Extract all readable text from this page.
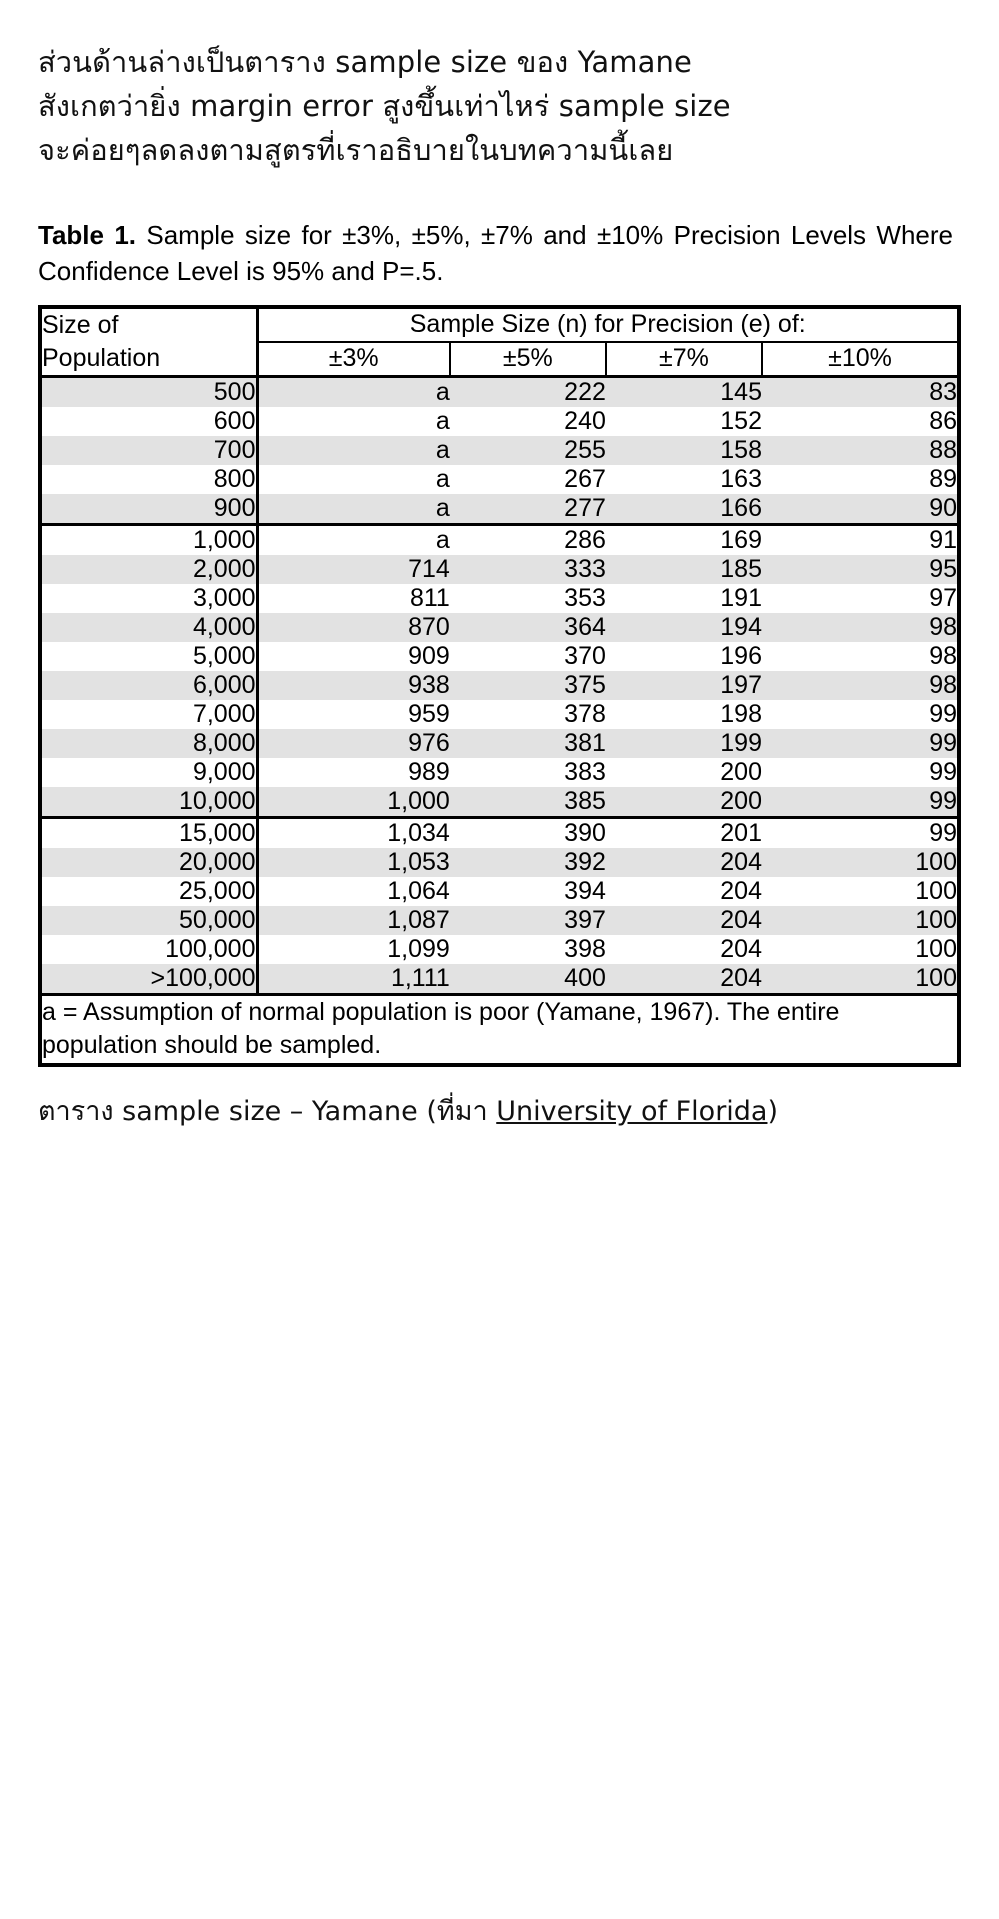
ส่วนด้านล่างเป็นตาราง sample size ของ Yamane

สังเกตว่ายิ่ง margin error สูงขึ้นเท่าไหร่ sample size

จะค่อยๆลดลงตามสูตรที่เราอธิบายในบทความนี้เลย

Table 1. Sample size for ±3%, ±5%, ±7% and ±10% Precision Levels Where Confidence Level is 95% and P=.5.
Size of
Population	Sample Size (n) for Precision (e) of:			
	±3%	±5%	±7%	±10%
500	a	222	145	83
600	a	240	152	86
700	a	255	158	88
800	a	267	163	89
900	a	277	166	90
1,000	a	286	169	91
2,000	714	333	185	95
3,000	811	353	191	97
4,000	870	364	194	98
5,000	909	370	196	98
6,000	938	375	197	98
7,000	959	378	198	99
8,000	976	381	199	99
9,000	989	383	200	99
10,000	1,000	385	200	99
15,000	1,034	390	201	99
20,000	1,053	392	204	100
25,000	1,064	394	204	100
50,000	1,087	397	204	100
100,000	1,099	398	204	100
>100,000	1,111	400	204	100
a = Assumption of normal population is poor (Yamane, 1967). The entire population should be sampled.				
ตาราง sample size – Yamane (ที่มา University of Florida)
